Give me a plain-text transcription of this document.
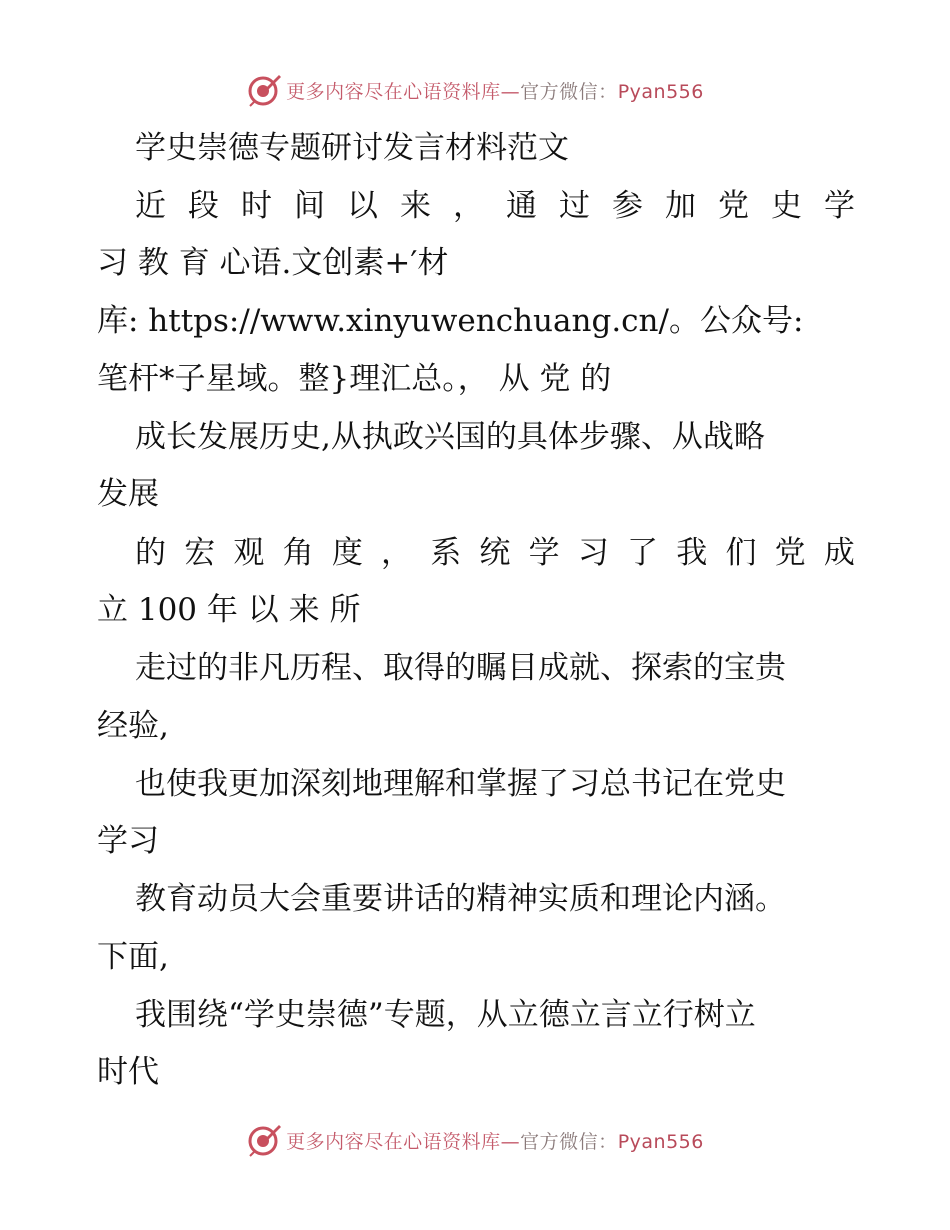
更多内容尽在心语资料库—官方微信：Pyan556
学史崇德专题研讨发言材料范文
近 段 时 间 以 来 ， 通 过 参 加 党 史 学
习 教 育 心语.文创素+′材
库: https://www.xinyuwenchuang.cn/。公众号:
笔杆*子星域。整}理汇总。， 从 党 的
成长发展历史,从执政兴国的具体步骤、从战略
发展
的 宏 观 角 度 ， 系 统 学 习 了 我 们 党 成
立 100 年 以 来 所
走过的非凡历程、取得的瞩目成就、探索的宝贵
经验,
也使我更加深刻地理解和掌握了习总书记在党史
学习
教育动员大会重要讲话的精神实质和理论内涵。
下面,
我围绕“学史崇德”专题，从立德立言立行树立
时代
更多内容尽在心语资料库—官方微信：Pyan556
